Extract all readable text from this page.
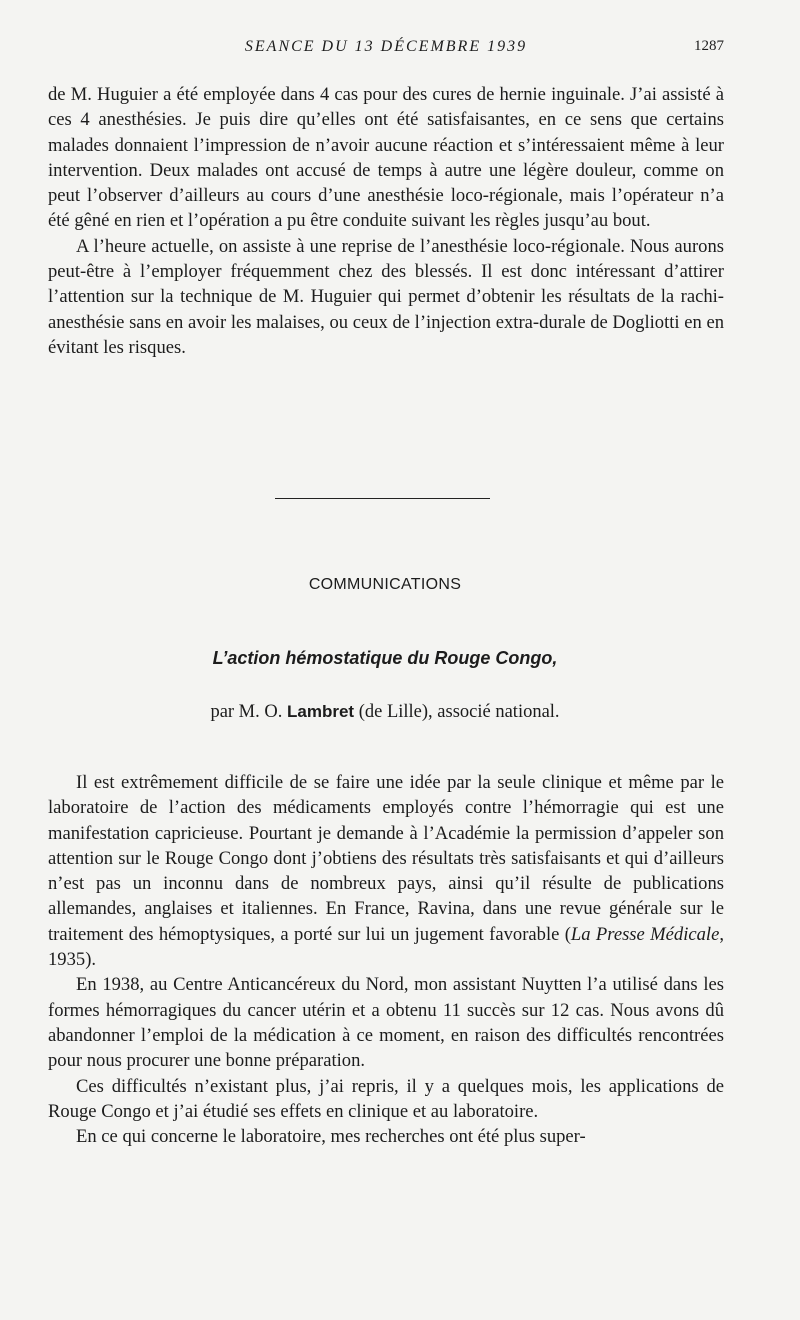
SEANCE DU 13 DÉCEMBRE 1939	1287

de M. Huguier a été employée dans 4 cas pour des cures de hernie inguinale. J’ai assisté à ces 4 anesthésies. Je puis dire qu’elles ont été satisfaisantes, en ce sens que certains malades donnaient l’impression de n’avoir aucune réaction et s’intéressaient même à leur intervention. Deux malades ont accusé de temps à autre une légère douleur, comme on peut l’observer d’ailleurs au cours d’une anesthésie loco-régionale, mais l’opérateur n’a été gêné en rien et l’opération a pu être conduite suivant les règles jusqu’au bout.

A l’heure actuelle, on assiste à une reprise de l’anesthésie loco-régionale. Nous aurons peut-être à l’employer fréquemment chez des blessés. Il est donc intéressant d’attirer l’attention sur la technique de M. Huguier qui permet d’obtenir les résultats de la rachi-anesthésie sans en avoir les malaises, ou ceux de l’injection extra-durale de Dogliotti en en évitant les risques.

COMMUNICATIONS
L’action hémostatique du Rouge Congo,
par M. O. Lambret (de Lille), associé national.

Il est extrêmement difficile de se faire une idée par la seule clinique et même par le laboratoire de l’action des médicaments employés contre l’hémorragie qui est une manifestation capricieuse. Pourtant je demande à l’Académie la permission d’appeler son attention sur le Rouge Congo dont j’obtiens des résultats très satisfaisants et qui d’ailleurs n’est pas un inconnu dans de nombreux pays, ainsi qu’il résulte de publications allemandes, anglaises et italiennes. En France, Ravina, dans une revue générale sur le traitement des hémoptysiques, a porté sur lui un jugement favorable (La Presse Médicale, 1935).

En 1938, au Centre Anticancéreux du Nord, mon assistant Nuytten l’a utilisé dans les formes hémorragiques du cancer utérin et a obtenu 11 succès sur 12 cas. Nous avons dû abandonner l’emploi de la médication à ce moment, en raison des difficultés rencontrées pour nous procurer une bonne préparation.

Ces difficultés n’existant plus, j’ai repris, il y a quelques mois, les applications de Rouge Congo et j’ai étudié ses effets en clinique et au laboratoire.

En ce qui concerne le laboratoire, mes recherches ont été plus super-
